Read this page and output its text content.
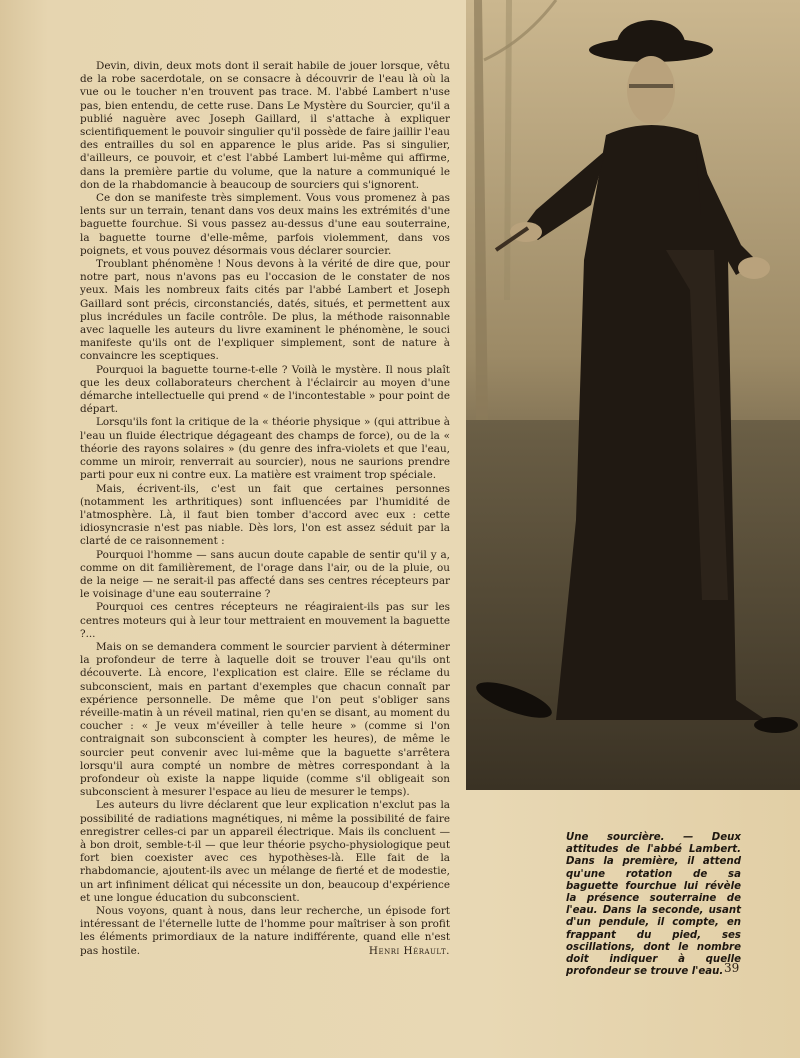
Devin, divin, deux mots dont il serait habile de jouer lorsque, vêtu de la robe sacerdotale, on se consacre à découvrir de l'eau là où la vue ou le toucher n'en trouvent pas trace. M. l'abbé Lambert n'use pas, bien entendu, de cette ruse. Dans Le Mystère du Sourcier, qu'il a publié naguère avec Joseph Gaillard, il s'attache à expliquer scientifiquement le pouvoir singulier qu'il possède de faire jaillir l'eau des entrailles du sol en apparence le plus aride. Pas si singulier, d'ailleurs, ce pouvoir, et c'est l'abbé Lambert lui-même qui affirme, dans la première partie du volume, que la nature a communiqué le don de la rhabdomancie à beaucoup de sourciers qui s'ignorent.

Ce don se manifeste très simplement. Vous vous promenez à pas lents sur un terrain, tenant dans vos deux mains les extrémités d'une baguette fourchue. Si vous passez au-dessus d'une eau souterraine, la baguette tourne d'elle-même, parfois violemment, dans vos poignets, et vous pouvez désormais vous déclarer sourcier.

Troublant phénomène ! Nous devons à la vérité de dire que, pour notre part, nous n'avons pas eu l'occasion de le constater de nos yeux. Mais les nombreux faits cités par l'abbé Lambert et Joseph Gaillard sont précis, circonstanciés, datés, situés, et permettent aux plus incrédules un facile contrôle. De plus, la méthode raisonnable avec laquelle les auteurs du livre examinent le phénomène, le souci manifeste qu'ils ont de l'expliquer simplement, sont de nature à convaincre les sceptiques.

Pourquoi la baguette tourne-t-elle ? Voilà le mystère. Il nous plaît que les deux collaborateurs cherchent à l'éclaircir au moyen d'une démarche intellectuelle qui prend « de l'incontestable » pour point de départ.

Lorsqu'ils font la critique de la « théorie physique » (qui attribue à l'eau un fluide électrique dégageant des champs de force), ou de la « théorie des rayons solaires » (du genre des infra-violets et que l'eau, comme un miroir, renverrait au sourcier), nous ne saurions prendre parti pour eux ni contre eux. La matière est vraiment trop spéciale.

Mais, écrivent-ils, c'est un fait que certaines personnes (notamment les arthritiques) sont influencées par l'humidité de l'atmosphère. Là, il faut bien tomber d'accord avec eux : cette idiosyncrasie n'est pas niable. Dès lors, l'on est assez séduit par la clarté de ce raisonnement :

Pourquoi l'homme — sans aucun doute capable de sentir qu'il y a, comme on dit familièrement, de l'orage dans l'air, ou de la pluie, ou de la neige — ne serait-il pas affecté dans ses centres récepteurs par le voisinage d'une eau souterraine ?

Pourquoi ces centres récepteurs ne réagiraient-ils pas sur les centres moteurs qui à leur tour mettraient en mouvement la baguette ?...

Mais on se demandera comment le sourcier parvient à déterminer la profondeur de terre à laquelle doit se trouver l'eau qu'ils ont découverte. Là encore, l'explication est claire. Elle se réclame du subconscient, mais en partant d'exemples que chacun connaît par expérience personnelle. De même que l'on peut s'obliger sans réveille-matin à un réveil matinal, rien qu'en se disant, au moment du coucher : « Je veux m'éveiller à telle heure » (comme si l'on contraignait son subconscient à compter les heures), de même le sourcier peut convenir avec lui-même que la baguette s'arrêtera lorsqu'il aura compté un nombre de mètres correspondant à la profondeur où existe la nappe liquide (comme s'il obligeait son subconscient à mesurer l'espace au lieu de mesurer le temps).

Les auteurs du livre déclarent que leur explication n'exclut pas la possibilité de radiations magnétiques, ni même la possibilité de faire enregistrer celles-ci par un appareil électrique. Mais ils concluent — à bon droit, semble-t-il — que leur théorie psycho-physiologique peut fort bien coexister avec ces hypothèses-là. Elle fait de la rhabdomancie, ajoutent-ils avec un mélange de fierté et de modestie, un art infiniment délicat qui nécessite un don, beaucoup d'expérience et une longue éducation du subconscient.

Nous voyons, quant à nous, dans leur recherche, un épisode fort intéressant de l'éternelle lutte de l'homme pour maîtriser à son profit les éléments primordiaux de la nature indifférente, quand elle n'est pas hostile.	Henri Hérault.
Une sourcière. — Deux attitudes de l'abbé Lambert. Dans la première, il attend qu'une rotation de sa baguette fourchue lui révèle la présence souterraine de l'eau. Dans la seconde, usant d'un pendule, il compte, en frappant du pied, ses oscillations, dont le nombre doit indiquer à quelle profondeur se trouve l'eau. 39
